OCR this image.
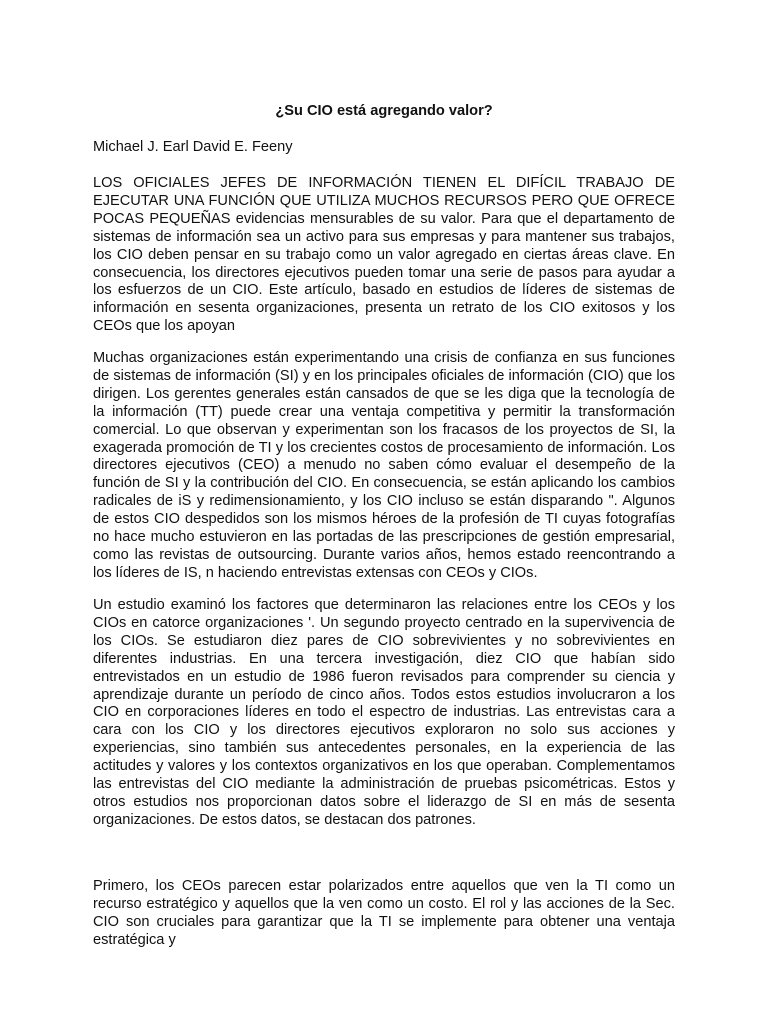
¿Su CIO está agregando valor?

Michael J. Earl David E. Feeny

LOS OFICIALES JEFES DE INFORMACIÓN TIENEN EL DIFÍCIL TRABAJO DE EJECUTAR UNA FUNCIÓN QUE UTILIZA MUCHOS RECURSOS PERO QUE OFRECE POCAS PEQUEÑAS evidencias mensurables de su valor. Para que el departamento de sistemas de información sea un activo para sus empresas y para mantener sus trabajos, los CIO deben pensar en su trabajo como un valor agregado en ciertas áreas clave. En consecuencia, los directores ejecutivos pueden tomar una serie de pasos para ayudar a los esfuerzos de un CIO. Este artículo, basado en estudios de líderes de sistemas de información en sesenta organizaciones, presenta un retrato de los CIO exitosos y los CEOs que los apoyan

Muchas organizaciones están experimentando una crisis de confianza en sus funciones de sistemas de información (SI) y en los principales oficiales de información (CIO) que los dirigen. Los gerentes generales están cansados de que se les diga que la tecnología de la información (TT) puede crear una ventaja competitiva y permitir la transformación comercial. Lo que observan y experimentan son los fracasos de los proyectos de SI, la exagerada promoción de TI y los crecientes costos de procesamiento de información. Los directores ejecutivos (CEO) a menudo no saben cómo evaluar el desempeño de la función de SI y la contribución del CIO. En consecuencia, se están aplicando los cambios radicales de iS y redimensionamiento, y los CIO incluso se están disparando ". Algunos de estos CIO despedidos son los mismos héroes de la profesión de TI cuyas fotografías no hace mucho estuvieron en las portadas de las prescripciones de gestión empresarial, como las revistas de outsourcing. Durante varios años, hemos estado reencontrando a los líderes de IS, n haciendo entrevistas extensas con CEOs y CIOs.

Un estudio examinó los factores que determinaron las relaciones entre los CEOs y los CIOs en catorce organizaciones '. Un segundo proyecto centrado en la supervivencia de los CIOs. Se estudiaron diez pares de CIO sobrevivientes y no sobrevivientes en diferentes industrias. En una tercera investigación, diez CIO que habían sido entrevistados en un estudio de 1986 fueron revisados para comprender su ciencia y aprendizaje durante un período de cinco años. Todos estos estudios involucraron a los CIO en corporaciones líderes en todo el espectro de industrias. Las entrevistas cara a cara con los CIO y los directores ejecutivos exploraron no solo sus acciones y experiencias, sino también sus antecedentes personales, en la experiencia de las actitudes y valores y los contextos organizativos en los que operaban. Complementamos las entrevistas del CIO mediante la administración de pruebas psicométricas. Estos y otros estudios nos proporcionan datos sobre el liderazgo de SI en más de sesenta organizaciones. De estos datos, se destacan dos patrones.

Primero, los CEOs parecen estar polarizados entre aquellos que ven la TI como un recurso estratégico y aquellos que la ven como un costo. El rol y las acciones de la Sec. CIO son cruciales para garantizar que la TI se implemente para obtener una ventaja estratégica y
